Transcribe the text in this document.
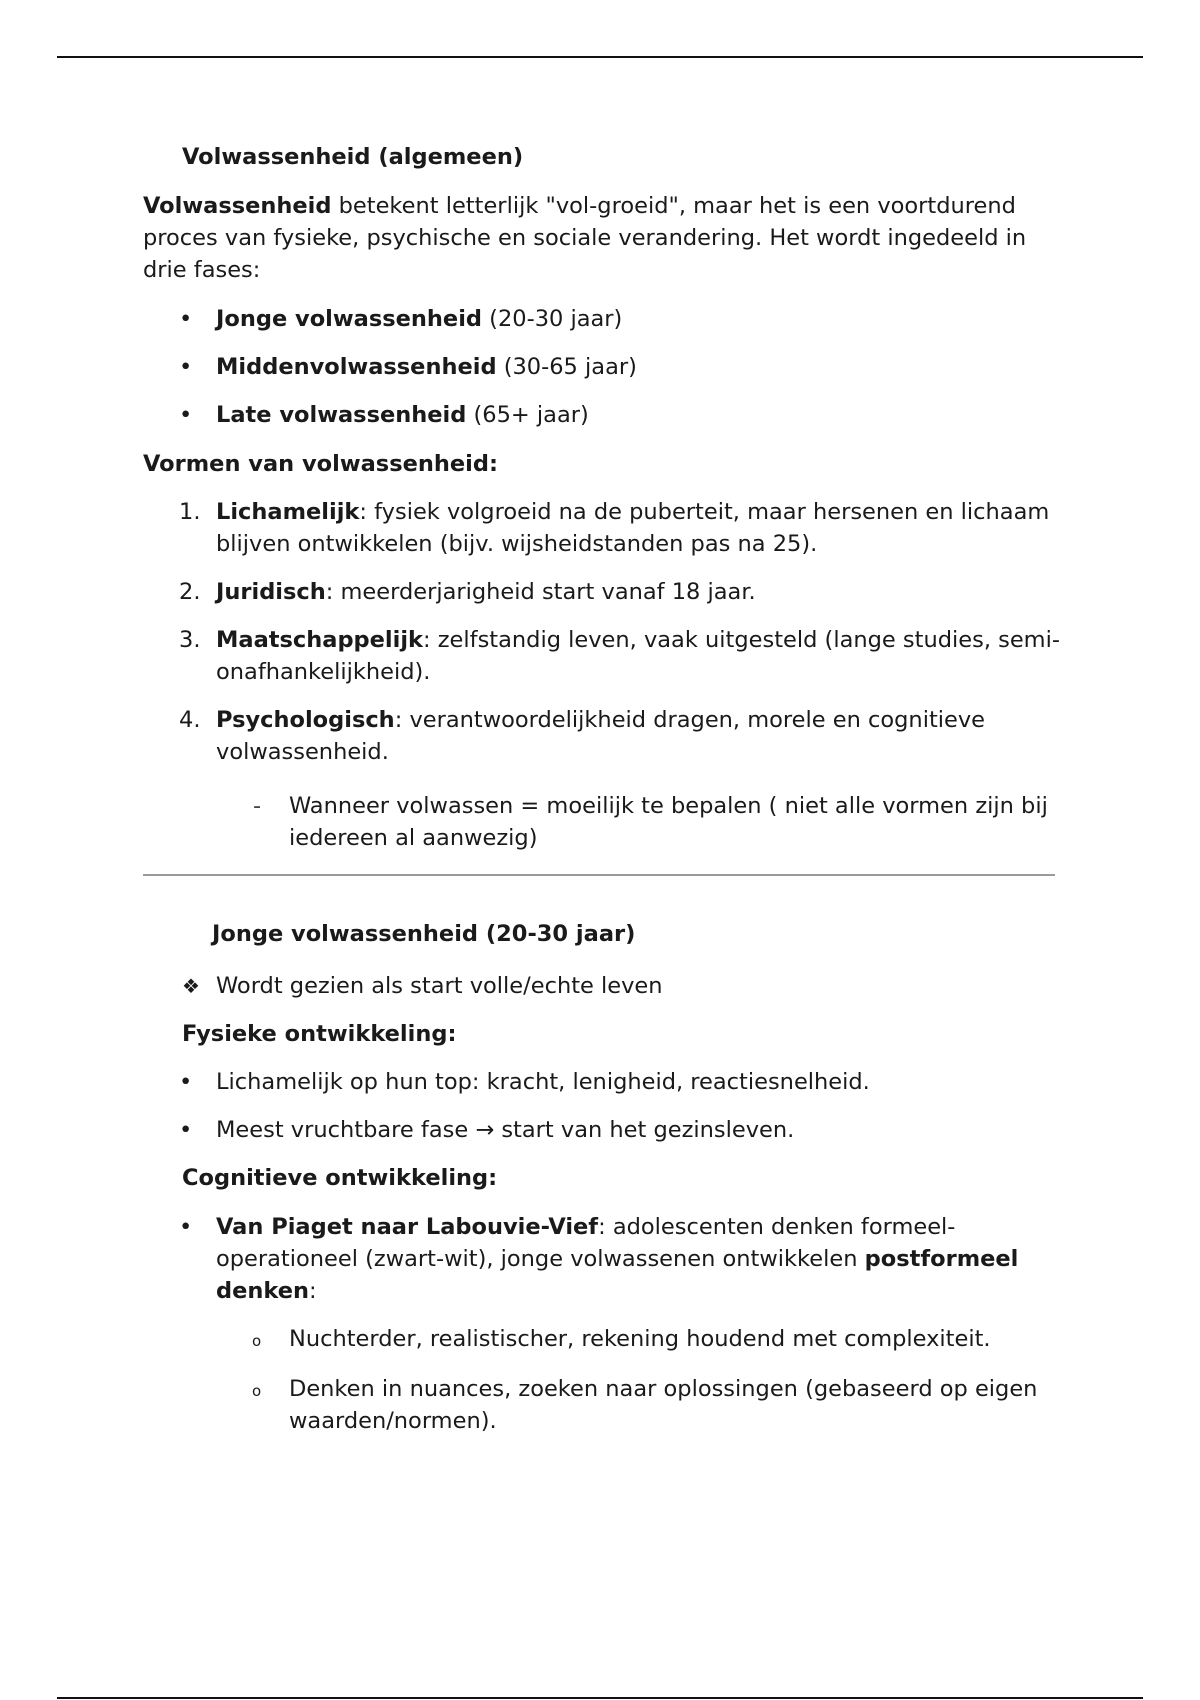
Volwassenheid (algemeen)
Volwassenheid betekent letterlijk "vol-groeid", maar het is een voortdurend proces van fysieke, psychische en sociale verandering. Het wordt ingedeeld in drie fases:
• Jonge volwassenheid (20-30 jaar)
• Middenvolwassenheid (30-65 jaar)
• Late volwassenheid (65+ jaar)
Vormen van volwassenheid:
1. Lichamelijk: fysiek volgroeid na de puberteit, maar hersenen en lichaam blijven ontwikkelen (bijv. wijsheidstanden pas na 25).
2. Juridisch: meerderjarigheid start vanaf 18 jaar.
3. Maatschappelijk: zelfstandig leven, vaak uitgesteld (lange studies, semi-onafhankelijkheid).
4. Psychologisch: verantwoordelijkheid dragen, morele en cognitieve volwassenheid.
- Wanneer volwassen = moeilijk te bepalen ( niet alle vormen zijn bij iedereen al aanwezig)
Jonge volwassenheid (20-30 jaar)
❖ Wordt gezien als start volle/echte leven
Fysieke ontwikkeling:
• Lichamelijk op hun top: kracht, lenigheid, reactiesnelheid.
• Meest vruchtbare fase → start van het gezinsleven.
Cognitieve ontwikkeling:
• Van Piaget naar Labouvie-Vief: adolescenten denken formeel-operationeel (zwart-wit), jonge volwassenen ontwikkelen postformeel denken:
o Nuchterder, realistischer, rekening houdend met complexiteit.
o Denken in nuances, zoeken naar oplossingen (gebaseerd op eigen waarden/normen).
